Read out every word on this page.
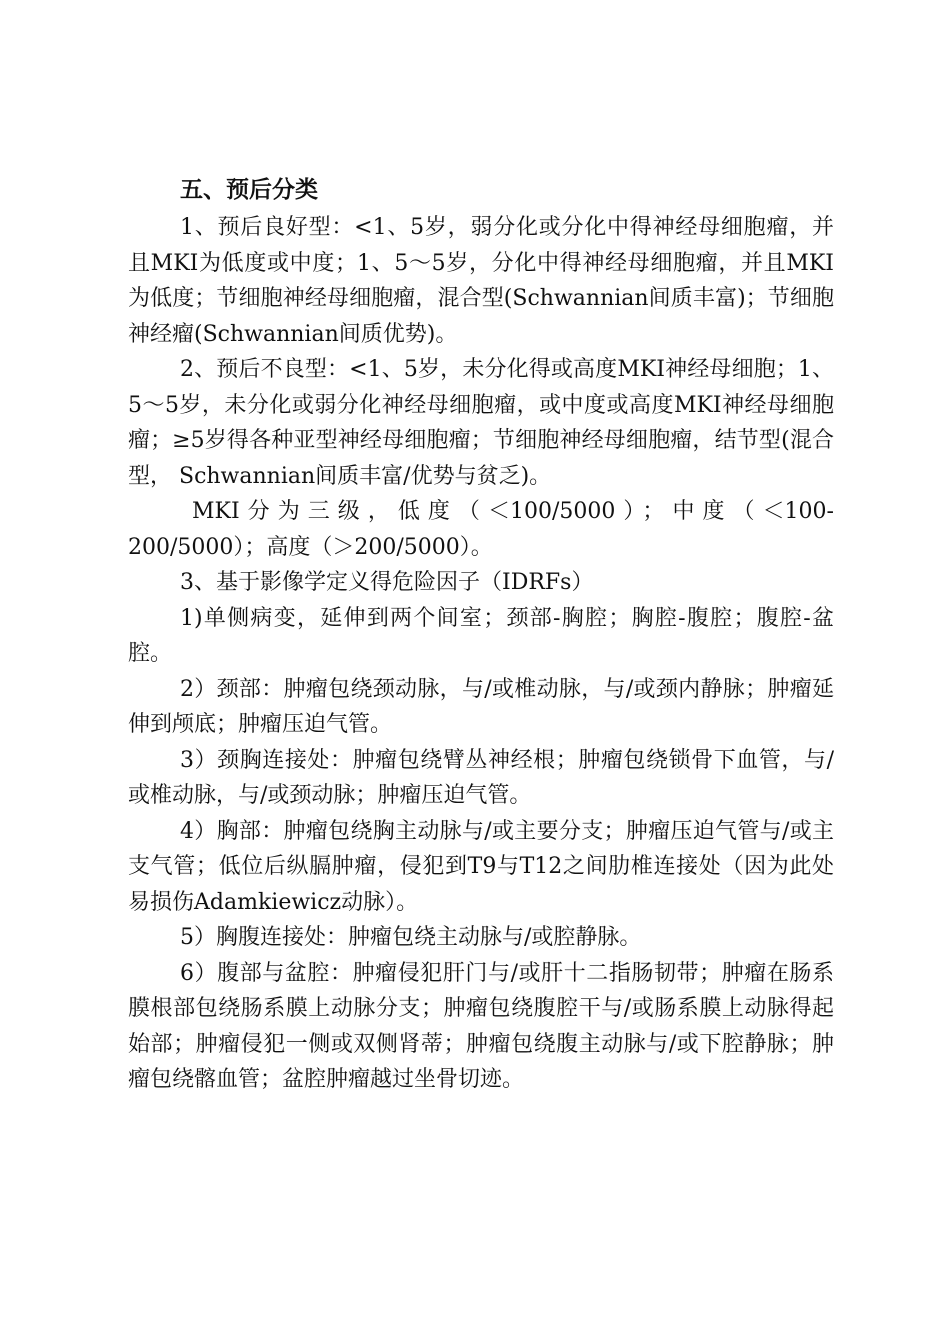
五、预后分类

1、预后良好型：<1、5岁，弱分化或分化中得神经母细胞瘤，并且MKI为低度或中度；1、5～5岁，分化中得神经母细胞瘤，并且MKI为低度；节细胞神经母细胞瘤，混合型(Schwannian间质丰富)；节细胞神经瘤(Schwannian间质优势)。

2、预后不良型：<1、5岁，未分化得或高度MKI神经母细胞；1、5～5岁，未分化或弱分化神经母细胞瘤，或中度或高度MKI神经母细胞瘤；≥5岁得各种亚型神经母细胞瘤；节细胞神经母细胞瘤，结节型(混合型， Schwannian间质丰富/优势与贫乏)。

MKI分为三级，低度（＜100/5000）；中度（＜100-200/5000）；高度（＞200/5000）。

3、基于影像学定义得危险因子（IDRFs）

1)单侧病变，延伸到两个间室；颈部-胸腔；胸腔-腹腔；腹腔-盆腔。

2）颈部：肿瘤包绕颈动脉，与/或椎动脉，与/或颈内静脉；肿瘤延伸到颅底；肿瘤压迫气管。

3）颈胸连接处：肿瘤包绕臂丛神经根；肿瘤包绕锁骨下血管，与/或椎动脉，与/或颈动脉；肿瘤压迫气管。

4）胸部：肿瘤包绕胸主动脉与/或主要分支；肿瘤压迫气管与/或主支气管；低位后纵膈肿瘤，侵犯到T9与T12之间肋椎连接处（因为此处易损伤Adamkiewicz动脉）。

5）胸腹连接处：肿瘤包绕主动脉与/或腔静脉。

6）腹部与盆腔：肿瘤侵犯肝门与/或肝十二指肠韧带；肿瘤在肠系膜根部包绕肠系膜上动脉分支；肿瘤包绕腹腔干与/或肠系膜上动脉得起始部；肿瘤侵犯一侧或双侧肾蒂；肿瘤包绕腹主动脉与/或下腔静脉；肿瘤包绕髂血管；盆腔肿瘤越过坐骨切迹。
